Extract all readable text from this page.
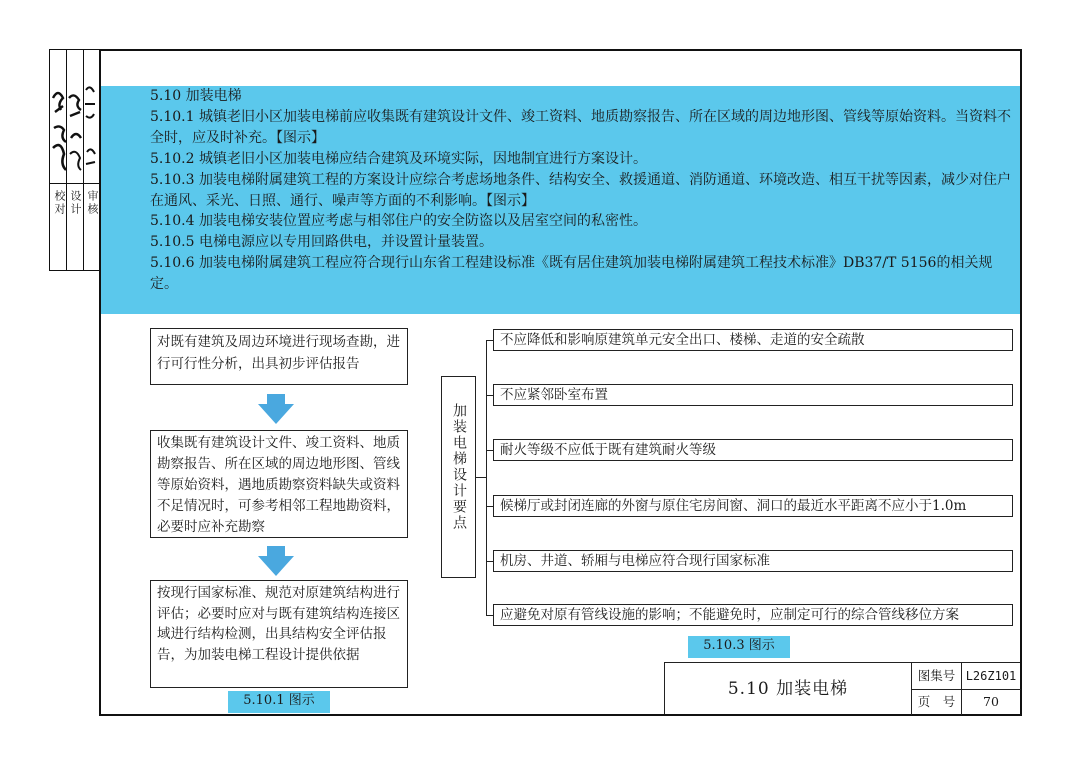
校对 设计 审核
5.10 加装电梯
5.10.1 城镇老旧小区加装电梯前应收集既有建筑设计文件、竣工资料、地质勘察报告、所在区域的周边地形图、管线等原始资料。当资料不全时，应及时补充。【图示】
5.10.2 城镇老旧小区加装电梯应结合建筑及环境实际，因地制宜进行方案设计。
5.10.3 加装电梯附属建筑工程的方案设计应综合考虑场地条件、结构安全、救援通道、消防通道、环境改造、相互干扰等因素，减少对住户在通风、采光、日照、通行、噪声等方面的不利影响。【图示】
5.10.4 加装电梯安装位置应考虑与相邻住户的安全防盗以及居室空间的私密性。
5.10.5 电梯电源应以专用回路供电，并设置计量装置。
5.10.6 加装电梯附属建筑工程应符合现行山东省工程建设标准《既有居住建筑加装电梯附属建筑工程技术标准》DB37/T 5156的相关规定。
对既有建筑及周边环境进行现场查勘，进行可行性分析，出具初步评估报告
收集既有建筑设计文件、竣工资料、地质勘察报告、所在区域的周边地形图、管线等原始资料，遇地质勘察资料缺失或资料不足情况时，可参考相邻工程地勘资料，必要时应补充勘察
按现行国家标准、规范对原建筑结构进行评估；必要时应对与既有建筑结构连接区域进行结构检测，出具结构安全评估报告，为加装电梯工程设计提供依据
5.10.1 图示
加装电梯设计要点
不应降低和影响原建筑单元安全出口、楼梯、走道的安全疏散
不应紧邻卧室布置
耐火等级不应低于既有建筑耐火等级
候梯厅或封闭连廊的外窗与原住宅房间窗、洞口的最近水平距离不应小于1.0m
机房、井道、轿厢与电梯应符合现行国家标准
应避免对原有管线设施的影响；不能避免时，应制定可行的综合管线移位方案
5.10.3 图示
5.10 加装电梯
图集号 L26Z101
页　号	70
